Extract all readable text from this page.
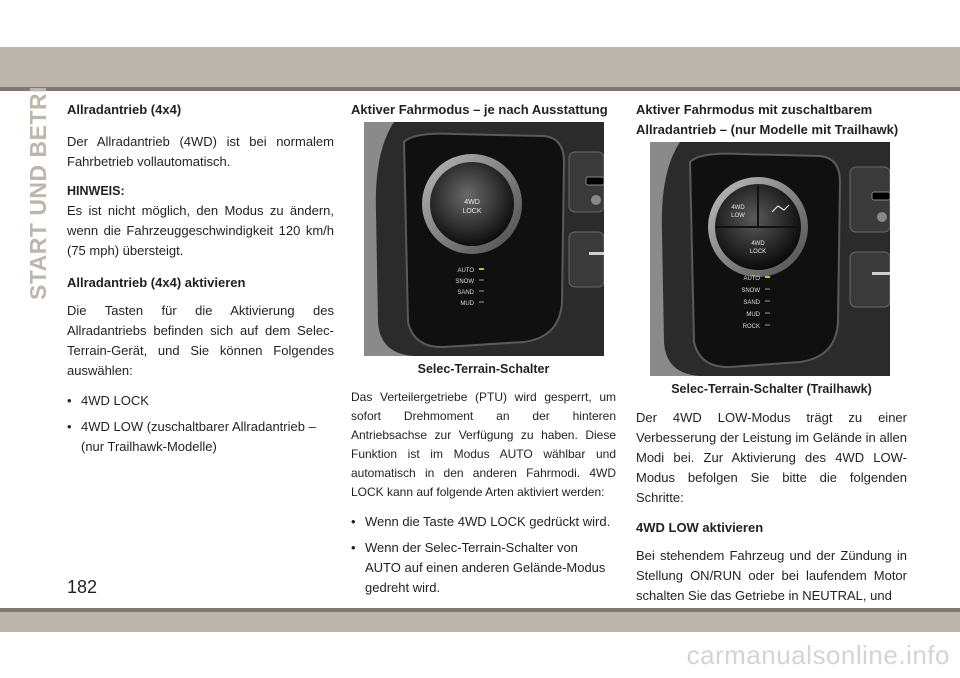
START UND BETRIEB Allradantrieb (4x4)

Der Allradantrieb (4WD) ist bei normalem Fahrbetrieb vollautomatisch.

HINWEIS:

Es ist nicht möglich, den Modus zu ändern, wenn die Fahrzeuggeschwindigkeit 120 km/h (75 mph) übersteigt.

Allradantrieb (4x4) aktivieren

Die Tasten für die Aktivierung des Allradantriebs befinden sich auf dem Selec-Terrain-Gerät, und Sie können Folgendes auswählen:

• 4WD LOCK
• 4WD LOW (zuschaltbarer Allradantrieb – (nur Trailhawk-Modelle)
Aktiver Fahrmodus – je nach Ausstattung
4WD
LOCK
AUTO
SNOW
SAND
MUD
Selec-Terrain-Schalter

Das Verteilergetriebe (PTU) wird gesperrt, um sofort Drehmoment an der hinteren Antriebsachse zur Verfügung zu haben. Diese Funktion ist im Modus AUTO wählbar und automatisch in den anderen Fahrmodi. 4WD LOCK kann auf folgende Arten aktiviert werden:

• Wenn die Taste 4WD LOCK gedrückt wird.
• Wenn der Selec-Terrain-Schalter von AUTO auf einen anderen Gelände-Modus gedreht wird.
Aktiver Fahrmodus mit zuschaltbarem Allradantrieb – (nur Modelle mit Trailhawk)
4WD
LOW
4WD
LOCK
AUTO
SNOW
SAND
MUD
ROCK
Selec-Terrain-Schalter (Trailhawk)

Der 4WD LOW-Modus trägt zu einer Verbesserung der Leistung im Gelände in allen Modi bei. Zur Aktivierung des 4WD LOW-Modus befolgen Sie bitte die folgenden Schritte:

4WD LOW aktivieren

Bei stehendem Fahrzeug und der Zündung in Stellung ON/RUN oder bei laufendem Motor schalten Sie das Getriebe in NEUTRAL, und

182
carmanualsonline.info
